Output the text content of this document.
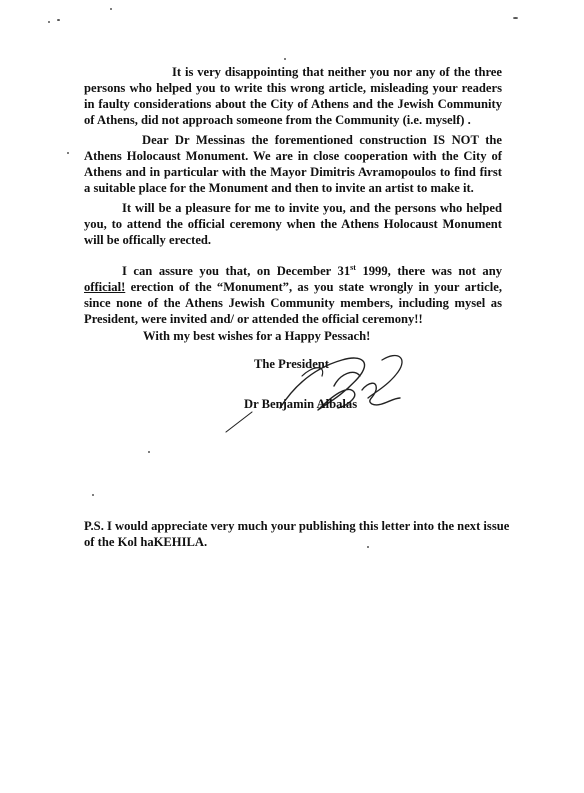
It is very disappointing that neither you nor any of the three persons who helped you to write this wrong article, misleading your readers in faulty considerations about the City of Athens and the Jewish Community of Athens, did not approach someone from the Community (i.e. myself) .

Dear Dr Messinas the forementioned construction IS NOT the Athens Holocaust Monument. We are in close cooperation with the City of Athens and in particular with the Mayor Dimitris Avramopoulos to find first a suitable place for the Monument and then to invite an artist to make it.

It will be a pleasure for me to invite you, and the persons who helped you, to attend the official ceremony when the Athens Holocaust Monument will be offically erected.

I can assure you that, on December 31st 1999, there was not any official! erection of the “Monument”, as you state wrongly in your article, since none of the Athens Jewish Community members, including mysel as President, were invited and/ or attended the official ceremony!!

With my best wishes for a Happy Pessach!

The President
Dr Benjamin Albalas

P.S. I would appreciate very much your publishing this letter into the next issue of the Kol haKEHILA.
